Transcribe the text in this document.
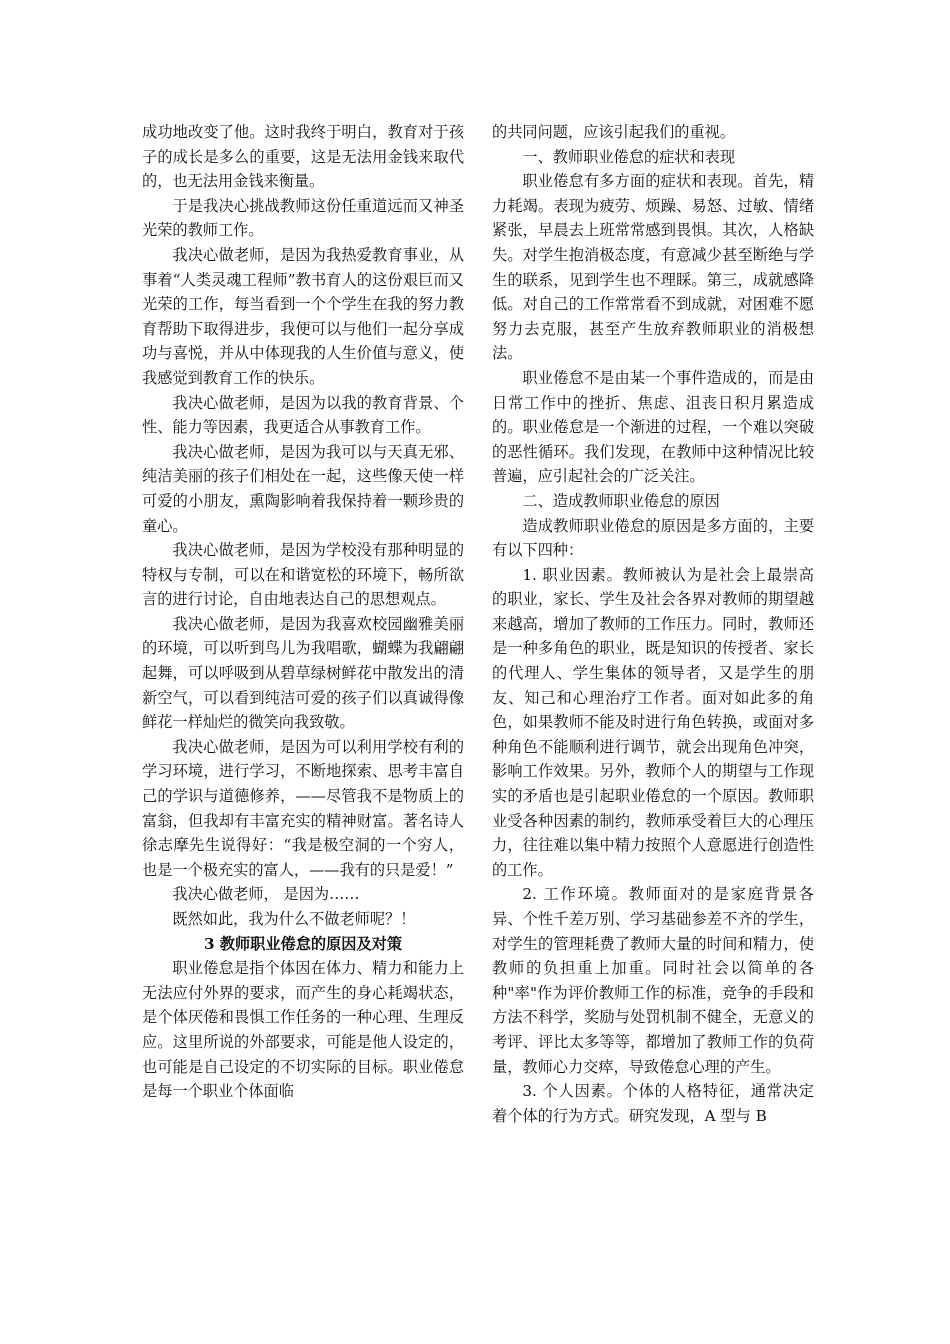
成功地改变了他。这时我终于明白，教育对于孩子的成长是多么的重要，这是无法用金钱来取代的，也无法用金钱来衡量。

于是我决心挑战教师这份任重道远而又神圣光荣的教师工作。

我决心做老师，是因为我热爱教育事业，从事着“人类灵魂工程师”教书育人的这份艰巨而又光荣的工作，每当看到一个个学生在我的努力教育帮助下取得进步，我便可以与他们一起分享成功与喜悦，并从中体现我的人生价值与意义，使我感觉到教育工作的快乐。

我决心做老师，是因为以我的教育背景、个性、能力等因素，我更适合从事教育工作。

我决心做老师，是因为我可以与天真无邪、纯洁美丽的孩子们相处在一起，这些像天使一样可爱的小朋友，熏陶影响着我保持着一颗珍贵的童心。

我决心做老师，是因为学校没有那种明显的特权与专制，可以在和谐宽松的环境下，畅所欲言的进行讨论，自由地表达自己的思想观点。

我决心做老师，是因为我喜欢校园幽雅美丽的环境，可以听到鸟儿为我唱歌，蝴蝶为我翩翩起舞，可以呼吸到从碧草绿树鲜花中散发出的清新空气，可以看到纯洁可爱的孩子们以真诚得像鲜花一样灿烂的微笑向我致敬。

我决心做老师，是因为可以利用学校有利的学习环境，进行学习，不断地探索、思考丰富自己的学识与道德修养，——尽管我不是物质上的富翁，但我却有丰富充实的精神财富。著名诗人徐志摩先生说得好：“我是极空洞的一个穷人，也是一个极充实的富人，——我有的只是爱！”

我决心做老师， 是因为……

既然如此，我为什么不做老师呢？！

3 教师职业倦怠的原因及对策

职业倦怠是指个体因在体力、精力和能力上无法应付外界的要求，而产生的身心耗竭状态，是个体厌倦和畏惧工作任务的一种心理、生理反应。这里所说的外部要求，可能是他人设定的，也可能是自己设定的不切实际的目标。职业倦怠是每一个职业个体面临

的共同问题，应该引起我们的重视。

一、教师职业倦怠的症状和表现

职业倦怠有多方面的症状和表现。首先，精力耗竭。表现为疲劳、烦躁、易怒、过敏、情绪紧张，早晨去上班常常感到畏惧。其次，人格缺失。对学生抱消极态度，有意减少甚至断绝与学生的联系，见到学生也不理睬。第三，成就感降低。对自己的工作常常看不到成就，对困难不愿努力去克服，甚至产生放弃教师职业的消极想法。

职业倦怠不是由某一个事件造成的，而是由日常工作中的挫折、焦虑、沮丧日积月累造成的。职业倦怠是一个渐进的过程，一个难以突破的恶性循环。我们发现，在教师中这种情况比较普遍，应引起社会的广泛关注。

二、造成教师职业倦怠的原因

造成教师职业倦怠的原因是多方面的，主要有以下四种：

1. 职业因素。教师被认为是社会上最崇高的职业，家长、学生及社会各界对教师的期望越来越高，增加了教师的工作压力。同时，教师还是一种多角色的职业，既是知识的传授者、家长的代理人、学生集体的领导者，又是学生的朋友、知己和心理治疗工作者。面对如此多的角色，如果教师不能及时进行角色转换，或面对多种角色不能顺利进行调节，就会出现角色冲突，影响工作效果。另外，教师个人的期望与工作现实的矛盾也是引起职业倦怠的一个原因。教师职业受各种因素的制约，教师承受着巨大的心理压力，往往难以集中精力按照个人意愿进行创造性的工作。

2. 工作环境。教师面对的是家庭背景各异、个性千差万别、学习基础参差不齐的学生，对学生的管理耗费了教师大量的时间和精力，使教师的负担重上加重。同时社会以简单的各种"率"作为评价教师工作的标准，竞争的手段和方法不科学，奖励与处罚机制不健全，无意义的考评、评比太多等等，都增加了教师工作的负荷量，教师心力交瘁，导致倦怠心理的产生。

3. 个人因素。个体的人格特征，通常决定着个体的行为方式。研究发现，A 型与 B
